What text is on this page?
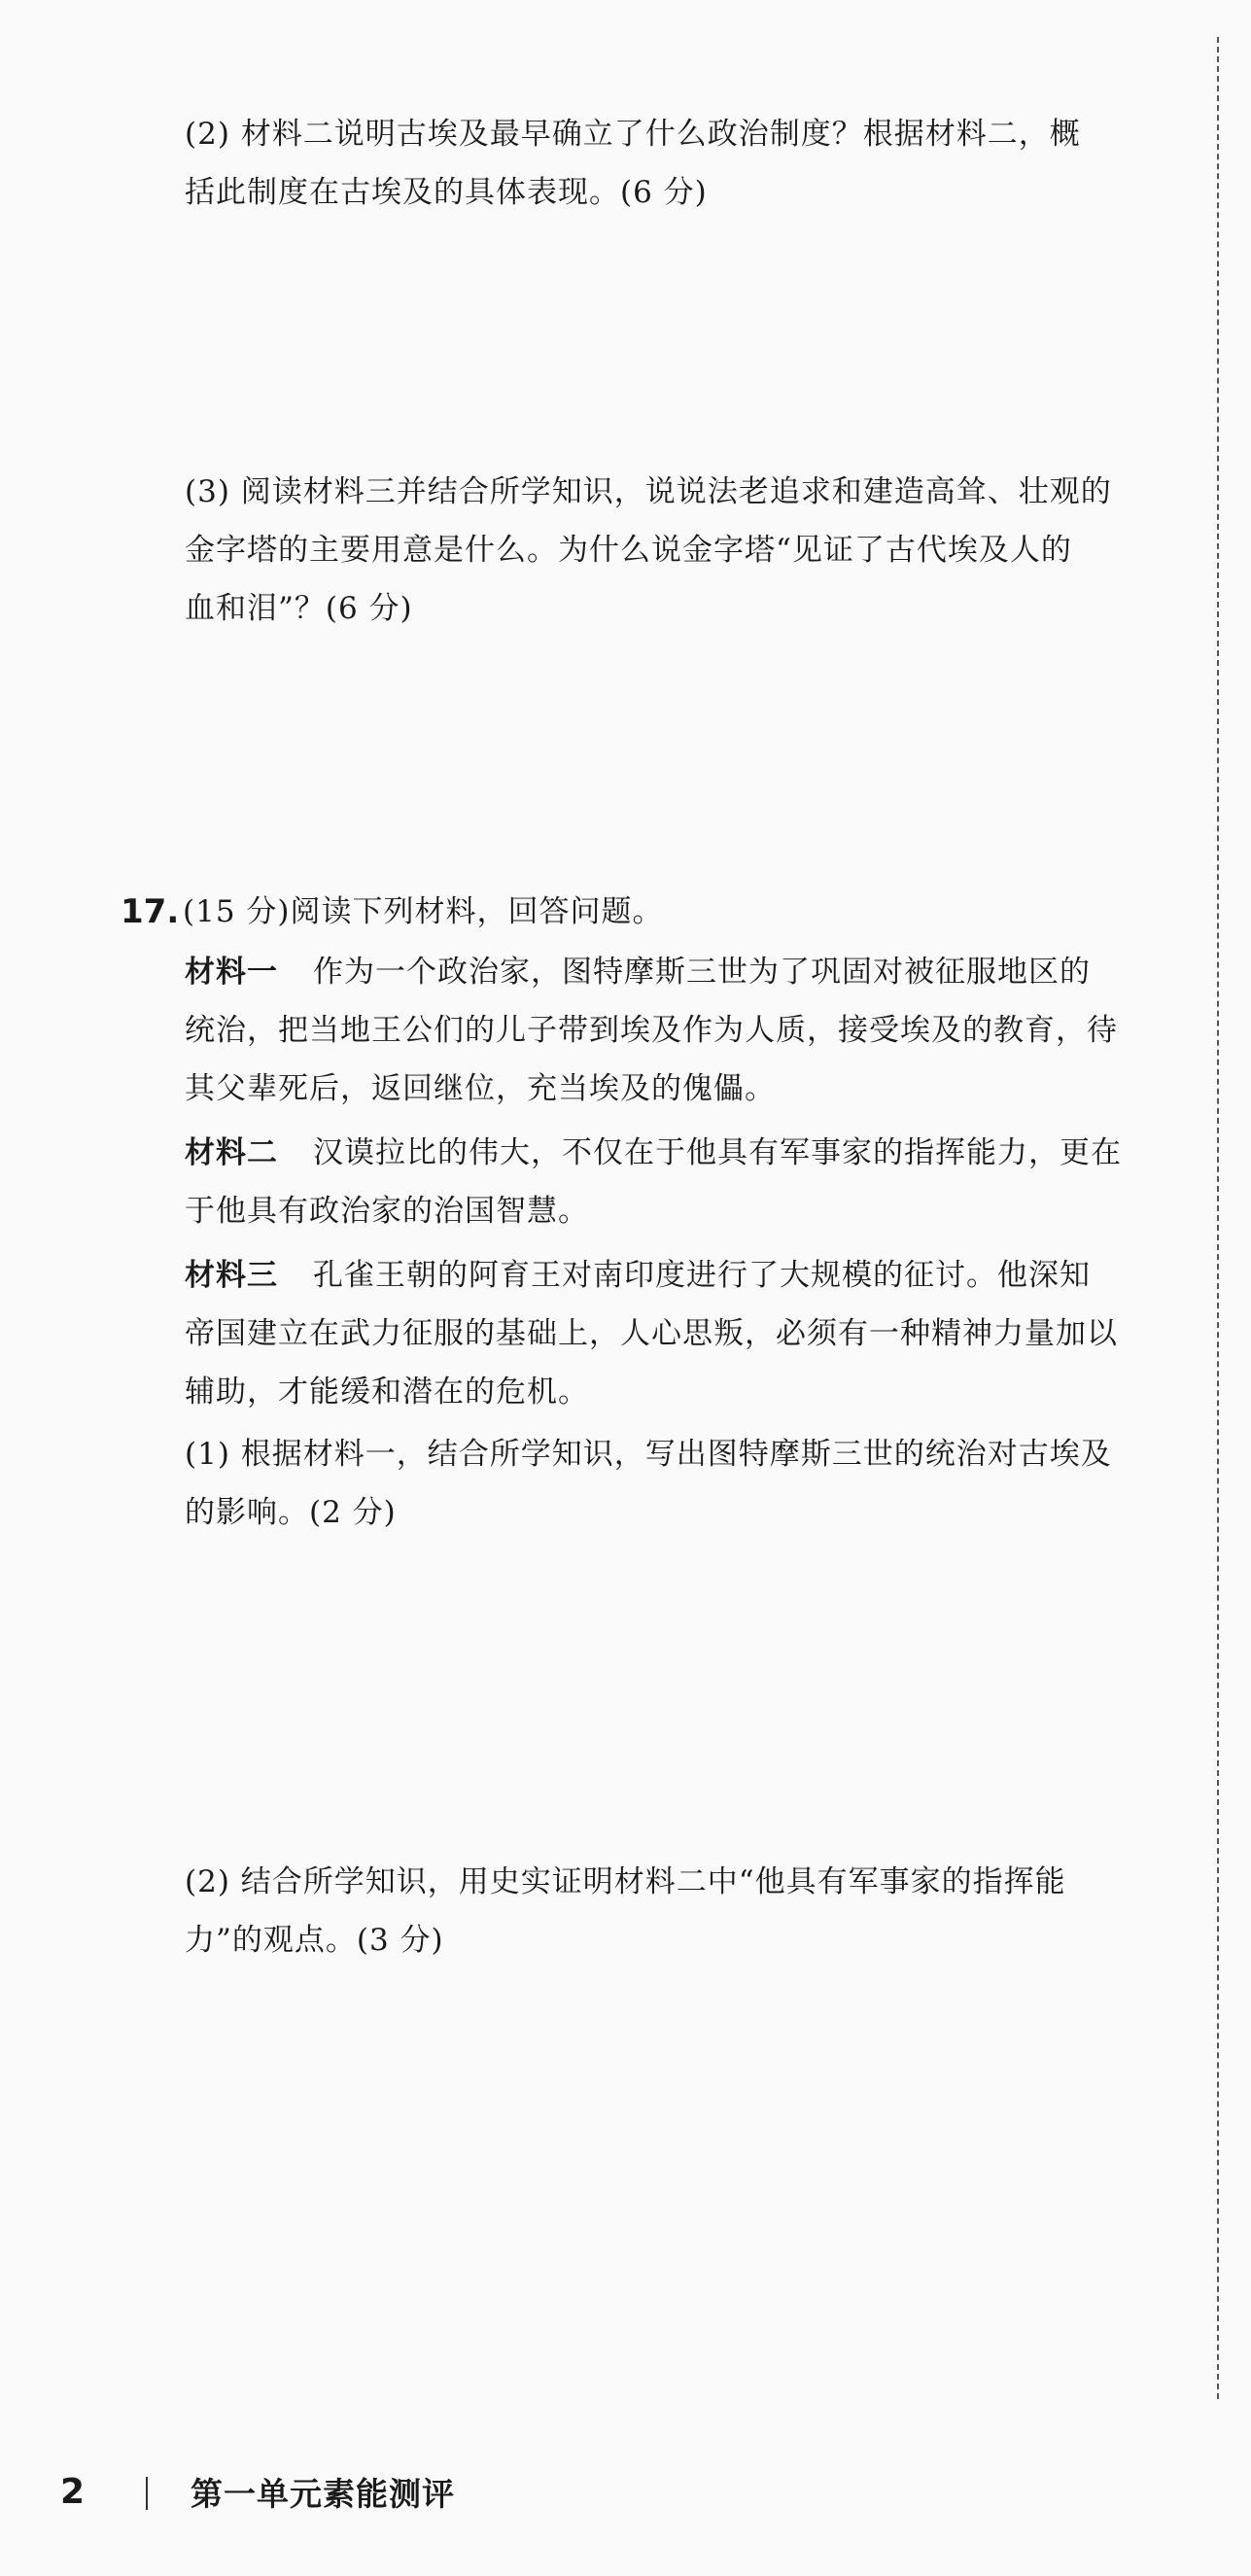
(2) 材料二说明古埃及最早确立了什么政治制度？根据材料二，概
括此制度在古埃及的具体表现。(6 分)
(3) 阅读材料三并结合所学知识，说说法老追求和建造高耸、壮观的
金字塔的主要用意是什么。为什么说金字塔“见证了古代埃及人的
血和泪”？(6 分)
17. (15 分)阅读下列材料，回答问题。
材料一 作为一个政治家，图特摩斯三世为了巩固对被征服地区的
统治，把当地王公们的儿子带到埃及作为人质，接受埃及的教育，待
其父辈死后，返回继位，充当埃及的傀儡。
材料二 汉谟拉比的伟大，不仅在于他具有军事家的指挥能力，更在
于他具有政治家的治国智慧。
材料三 孔雀王朝的阿育王对南印度进行了大规模的征讨。他深知
帝国建立在武力征服的基础上，人心思叛，必须有一种精神力量加以
辅助，才能缓和潜在的危机。
(1) 根据材料一，结合所学知识，写出图特摩斯三世的统治对古埃及
的影响。(2 分)
(2) 结合所学知识，用史实证明材料二中“他具有军事家的指挥能
力”的观点。(3 分)
2	第一单元素能测评
